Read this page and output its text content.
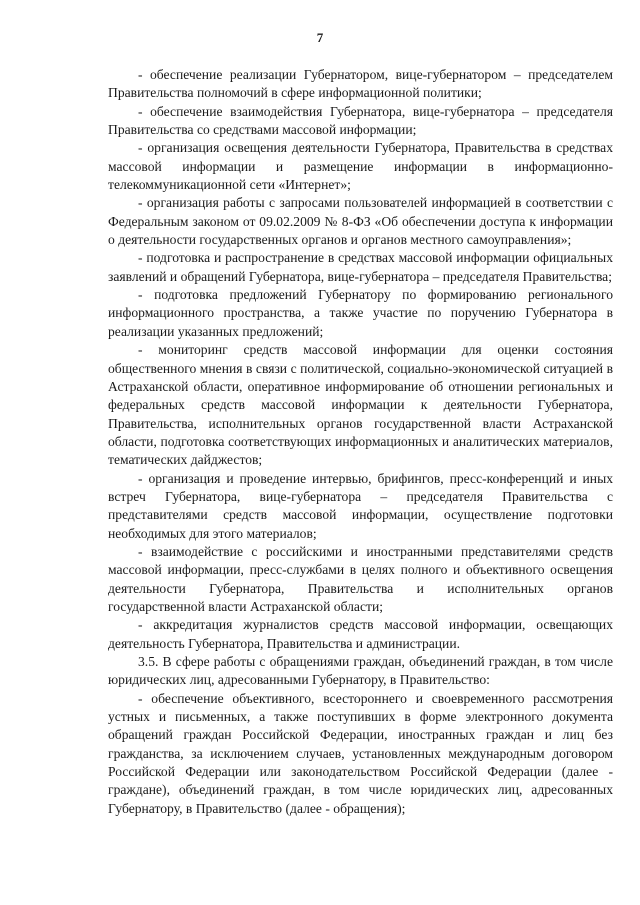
7

- обеспечение реализации Губернатором, вице-губернатором – председателем Правительства полномочий в сфере информационной политики;

- обеспечение взаимодействия Губернатора, вице-губернатора – председателя Правительства со средствами массовой информации;

- организация освещения деятельности Губернатора, Правительства в средствах массовой информации и размещение информации в информационно-телекоммуникационной сети «Интернет»;

- организация работы с запросами пользователей информацией в соответствии с Федеральным законом от 09.02.2009 № 8-ФЗ «Об обеспечении доступа к информации о деятельности государственных органов и органов местного самоуправления»;

- подготовка и распространение в средствах массовой информации официальных заявлений и обращений Губернатора, вице-губернатора – председателя Правительства;

- подготовка предложений Губернатору по формированию регионального информационного пространства, а также участие по поручению Губернатора в реализации указанных предложений;

- мониторинг средств массовой информации для оценки состояния общественного мнения в связи с политической, социально-экономической ситуацией в Астраханской области, оперативное информирование об отношении региональных и федеральных средств массовой информации к деятельности Губернатора, Правительства, исполнительных органов государственной власти Астраханской области, подготовка соответствующих информационных и аналитических материалов, тематических дайджестов;

- организация и проведение интервью, брифингов, пресс-конференций и иных встреч Губернатора, вице-губернатора – председателя Правительства с представителями средств массовой информации, осуществление подготовки необходимых для этого материалов;

- взаимодействие с российскими и иностранными представителями средств массовой информации, пресс-службами в целях полного и объективного освещения деятельности Губернатора, Правительства и исполнительных органов государственной власти Астраханской области;

- аккредитация журналистов средств массовой информации, освещающих деятельность Губернатора, Правительства и администрации.

3.5. В сфере работы с обращениями граждан, объединений граждан, в том числе юридических лиц, адресованными Губернатору, в Правительство:

- обеспечение объективного, всестороннего и своевременного рассмотрения устных и письменных, а также поступивших в форме электронного документа обращений граждан Российской Федерации, иностранных граждан и лиц без гражданства, за исключением случаев, установленных международным договором Российской Федерации или законодательством Российской Федерации (далее - граждане), объединений граждан, в том числе юридических лиц, адресованных Губернатору, в Правительство (далее - обращения);
